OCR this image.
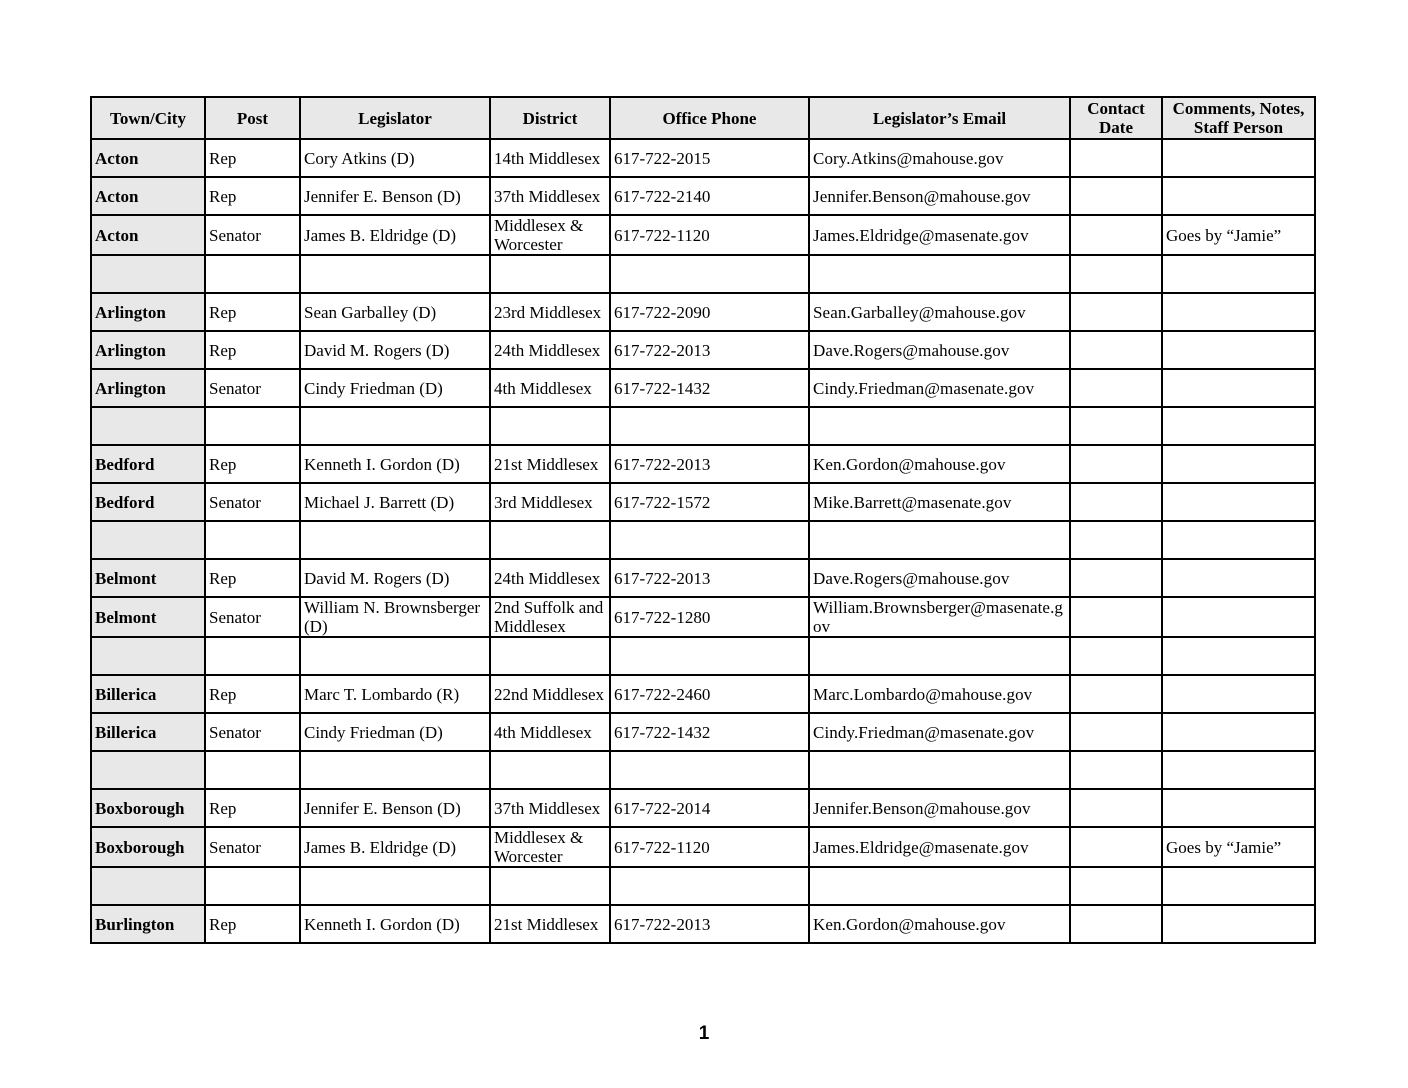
Town/City	Post	Legislator	District	Office Phone	Legislator’s Email	Contact Date	Comments, Notes, Staff Person
Acton	Rep	Cory Atkins (D)	14th Middlesex	617-722-2015	Cory.Atkins@mahouse.gov		
Acton	Rep	Jennifer E. Benson (D)	37th Middlesex	617-722-2140	Jennifer.Benson@mahouse.gov		
Acton	Senator	James B. Eldridge (D)	Middlesex & Worcester	617-722-1120	James.Eldridge@masenate.gov		Goes by “Jamie”

Arlington	Rep	Sean Garballey (D)	23rd Middlesex	617-722-2090	Sean.Garballey@mahouse.gov		
Arlington	Rep	David M. Rogers (D)	24th Middlesex	617-722-2013	Dave.Rogers@mahouse.gov		
Arlington	Senator	Cindy Friedman (D)	4th Middlesex	617-722-1432	Cindy.Friedman@masenate.gov		

Bedford	Rep	Kenneth I. Gordon (D)	21st Middlesex	617-722-2013	Ken.Gordon@mahouse.gov		
Bedford	Senator	Michael J. Barrett (D)	3rd Middlesex	617-722-1572	Mike.Barrett@masenate.gov		

Belmont	Rep	David M. Rogers (D)	24th Middlesex	617-722-2013	Dave.Rogers@mahouse.gov		
Belmont	Senator	William N. Brownsberger (D)	2nd Suffolk and Middlesex	617-722-1280	William.Brownsberger@masenate.gov		

Billerica	Rep	Marc T. Lombardo (R)	22nd Middlesex	617-722-2460	Marc.Lombardo@mahouse.gov		
Billerica	Senator	Cindy Friedman (D)	4th Middlesex	617-722-1432	Cindy.Friedman@masenate.gov		

Boxborough	Rep	Jennifer E. Benson (D)	37th Middlesex	617-722-2014	Jennifer.Benson@mahouse.gov		
Boxborough	Senator	James B. Eldridge (D)	Middlesex & Worcester	617-722-1120	James.Eldridge@masenate.gov		Goes by “Jamie”

Burlington	Rep	Kenneth I. Gordon (D)	21st Middlesex	617-722-2013	Ken.Gordon@mahouse.gov		
1
